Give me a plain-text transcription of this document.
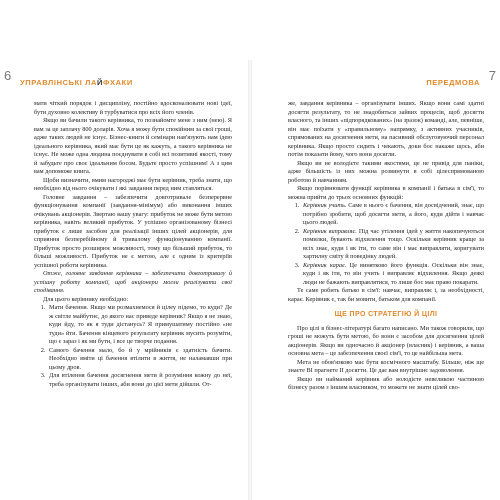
6 УПРАВЛІНСЬКІ ЛАЙФХАКИ

мати чіткий порядок і дисципліну, постійно вдосконалювати нові ідеї, бути духовно колективу й турбуватися про всіх його членів.

Якщо ви бачили такого керівника, то познайомте мене з ним (нею). Я вам за це заплачу 800 доларів. Хоча я можу бути спокійним за свої гроші, адже таких людей не існує. Бізнес-книги й семінари нав'язують нам ідею ідеального керівника, який має бути це як кажуть, а такого керівника не існує. Не може одна людина поєднувати в собі всі позитивні якості, тому й забудьте про своє ідеальним босом. Будьте просто успішним! А з цим вам допоможе книга.

Щоби визначити, вмим нагороджі має бути керівник, треба знати, що необхідно від нього очікувати і які завдання перед ним ставляться.

Головне завдання – забезпечити довготривале безперервне функціонування компанії (завдання-мінімум) або виконання інших очікувань акціонерів. Звертаю вашу увагу: прибуток не може бути метою керівника, навіть великий прибуток. У успішно організованому бізнесі прибуток є лише засобом для реалізації інших цілей акціонерів, для сприяння безперебійному й тривалому функціонуванню компанії. Прибуток просто розширює можливості, тому що більший прибуток, то більші можливості. Прибуток не є метою, але є одним із критеріїв успішної роботи керівника.

Отже, головне завдання керівника – забезпечити довготривалу й успішну роботу компанії, щоб акціонери могли реалізувати свої сподівання.

Для цього керівнику необхідно:

1. Мати бачення. Якщо ми розмахнемося й цілеу підемо, то куди? Де ж світле майбутнє, до якого нас приведе керівник? Якщо я не знаю, куди йду, то як я туди дістанусь? Я примушатиму постійно «не туди» йти. Бачення кінцевого результату керівник мусить розуміти, що є зараз і як ми бути, і все це творче подання.
2. Самого бачення мало, бо й у мрійників є здатність бачити. Необхідно вміти ці бачення втілити в життя, не наламавши при цьому дров.
3. Для втілення бачення досягнення мети й розуміння кожну до неї, треба організувати інших, аби вони до цієї мети дійшли. От-
7
ПЕРЕДМОВА

же, завдання керівника – організувати інших. Якщо вони самі здатні досягти результату, то не знадобиться зайвих процесів, щоб досягти власного, та інших «підпорядкованих» (на зразок) команді, але, певніше, він має поїхати у «правильному» напрямку, з активних учасників, спрямованих на досягнення мети, на пасивний обслуговуючий персонал керівника. Якщо просто сидить і чекають, доки бос накаже щось, аби потім показати йому, чого вони досягли.

Якщо ви не володієте такими якостями, це не привід для паніки, адже більшість із них можна розвинути в собі цілеспрямованою роботою й навчанням.

Якщо порівнювати функції керівника в компанії і батька в сім'ї, то можна прийти до трьох основних функцій:

1. Керівник учить. Саме в нього є бачення, він досвідчений, знає, що потрібно зробити, щоб досягти мети, а його, куди дійти і навчає цього людей.
2. Керівник виправляє. Під час утілення ідей у життя накопичуються помилки, бувають відхилення тощо. Оскільки керівник краще за всіх знає, куди і як іти, то саме він і має виправляти, коригувати хартилну сміту й поведінку людей.
3. Керівник карає. Це винятково його функція. Оскільки він знає, куди і як іти, то він учить і виправляє відхилення. Якщо деякі люди не бажають виправлятися, то лише бос має право покарати.

Те саме робить батько в сім'ї: навчає, виправляє і, за необхідності, карає. Керівник є, так би мовити, батьком для компанії.

ЩЕ ПРО СТРАТЕГІЮ Й ЦІЛІ

Про цілі в бізнес-літературі багато написано. Ми також говорили, що гроші не можуть бути метою, бо вони є засобом для досягнення цілей акціонерів. Якщо ви одночасно й акціонер (власник) і керівник, а ваша основна мета – це забезпечення своєї сім'ї, то це найбільша мета.

Мета не обов'язково має бути космічного масштабу. Більше, ніж ще знаєте ВІ прагнете ІІ досягти. Це дає вам внутрішнє задоволення.

Якщо ви найманий керівник або володієте невеликою частиною бізнесу разом з іншим власником, то можете не знати цілей сво-
